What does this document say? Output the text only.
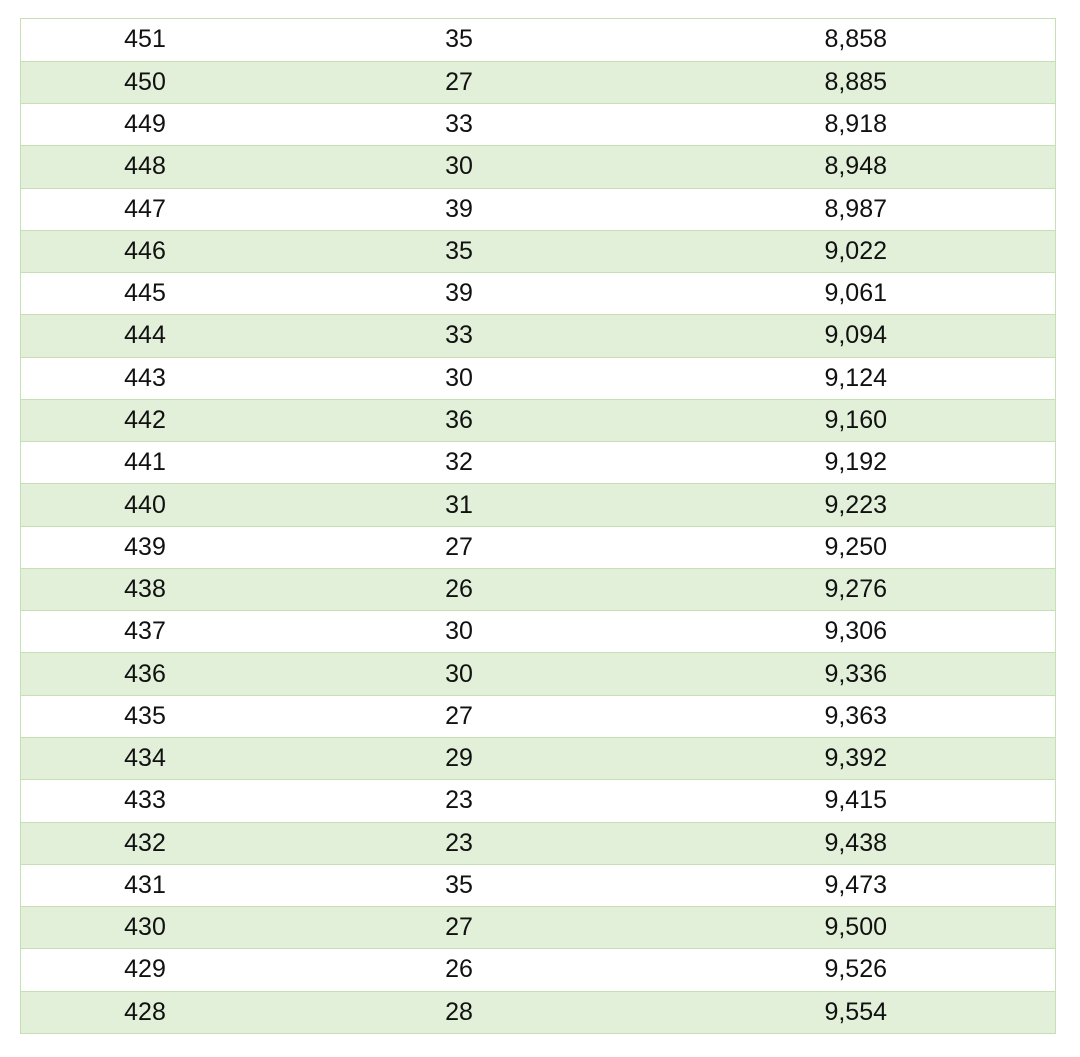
451	35	8,858
450	27	8,885
449	33	8,918
448	30	8,948
447	39	8,987
446	35	9,022
445	39	9,061
444	33	9,094
443	30	9,124
442	36	9,160
441	32	9,192
440	31	9,223
439	27	9,250
438	26	9,276
437	30	9,306
436	30	9,336
435	27	9,363
434	29	9,392
433	23	9,415
432	23	9,438
431	35	9,473
430	27	9,500
429	26	9,526
428	28	9,554
